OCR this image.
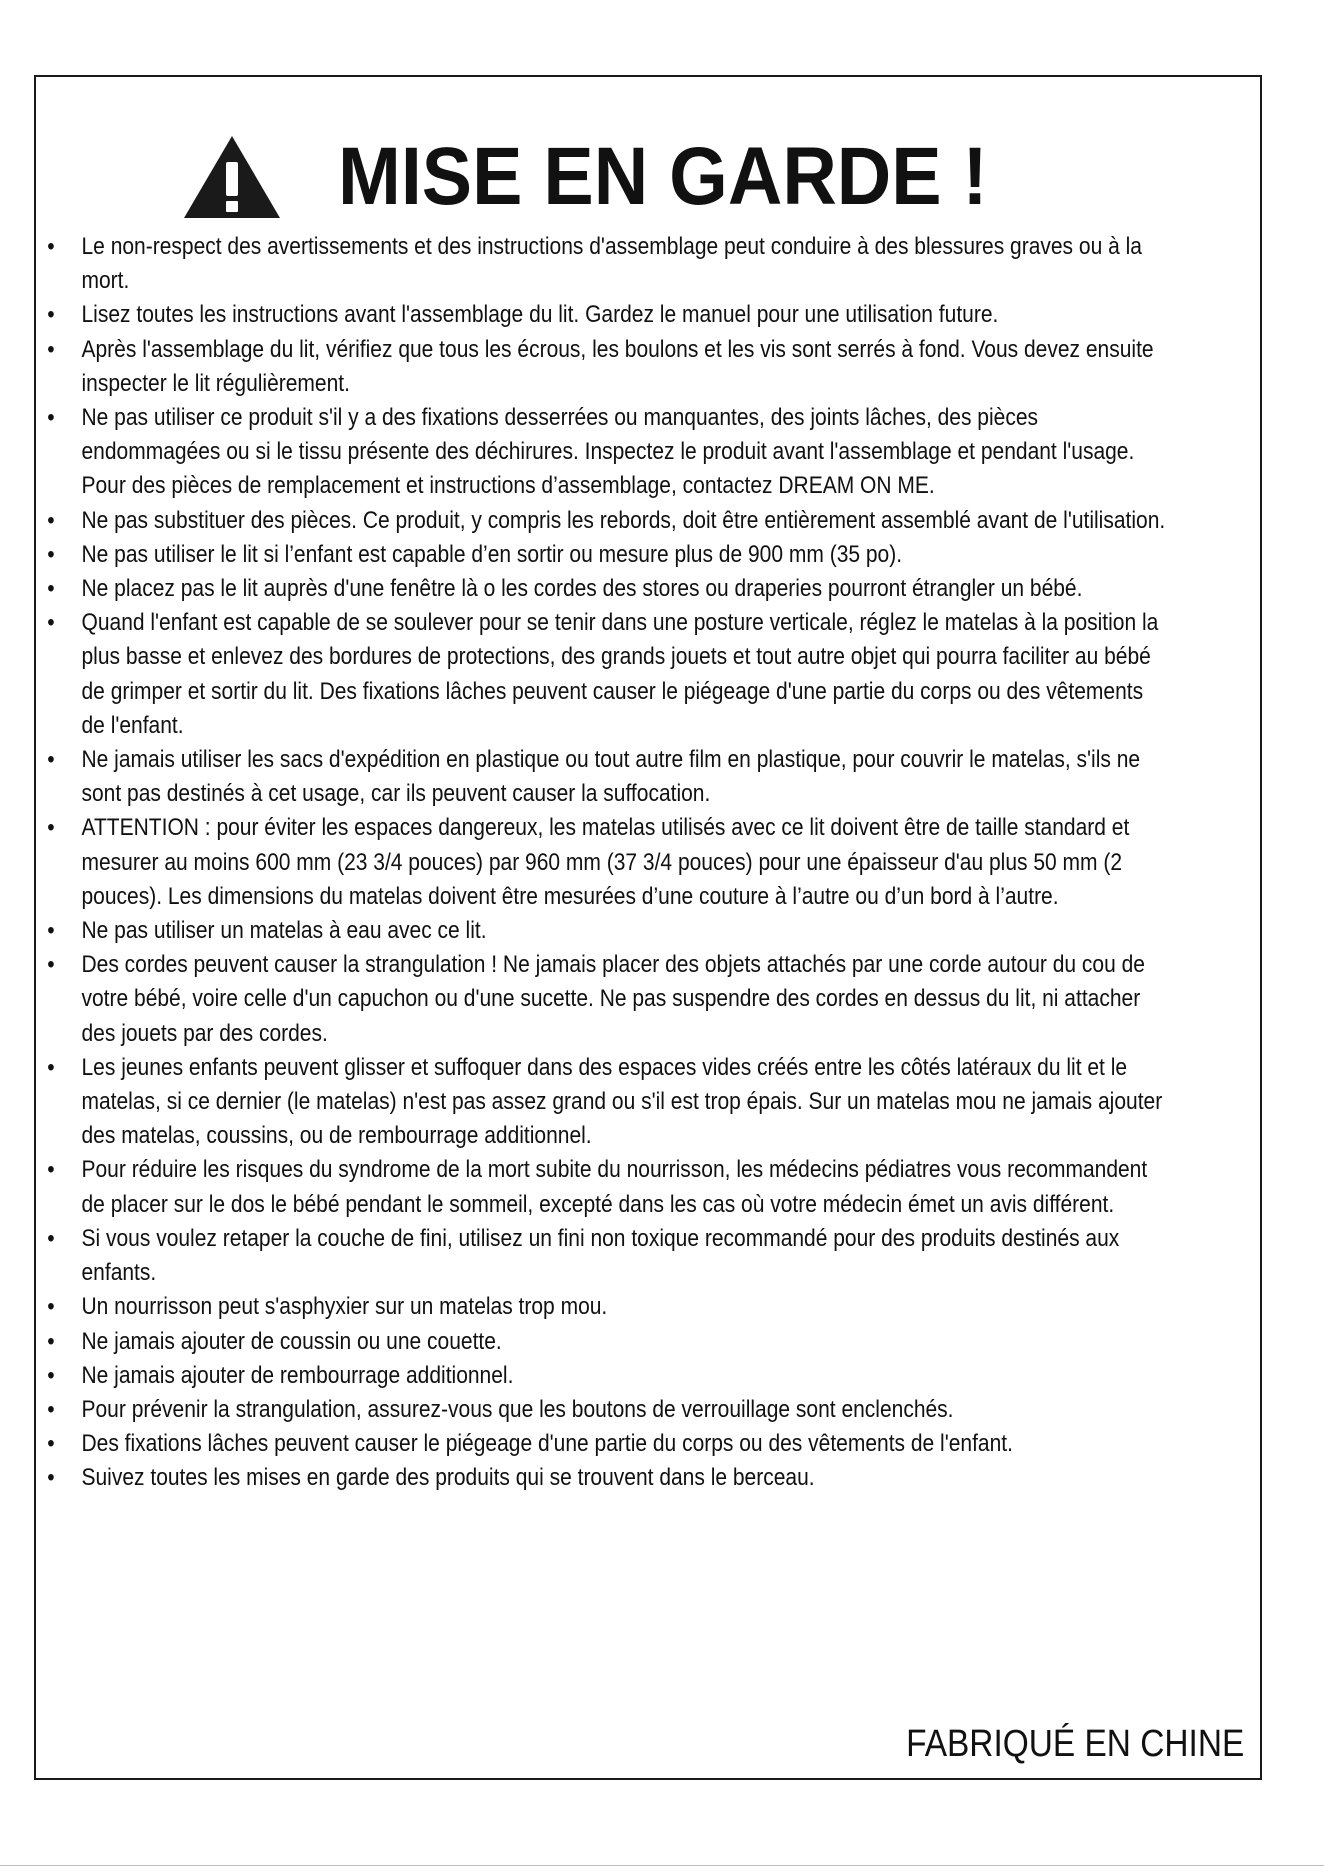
MISE EN GARDE !
• Le non-respect des avertissements et des instructions d'assemblage peut conduire à des blessures graves ou à la mort.
• Lisez toutes les instructions avant l'assemblage du lit. Gardez le manuel pour une utilisation future.
• Après l'assemblage du lit, vérifiez que tous les écrous, les boulons et les vis sont serrés à fond. Vous devez ensuite inspecter le lit régulièrement.
• Ne pas utiliser ce produit s'il y a des fixations desserrées ou manquantes, des joints lâches, des pièces endommagées ou si le tissu présente des déchirures. Inspectez le produit avant l'assemblage et pendant l'usage. Pour des pièces de remplacement et instructions d’assemblage, contactez DREAM ON ME.
• Ne pas substituer des pièces. Ce produit, y compris les rebords, doit être entièrement assemblé avant de l'utilisation.
• Ne pas utiliser le lit si l’enfant est capable d’en sortir ou mesure plus de 900 mm (35 po).
• Ne placez pas le lit auprès d'une fenêtre là o les cordes des stores ou draperies pourront étrangler un bébé.
• Quand l'enfant est capable de se soulever pour se tenir dans une posture verticale, réglez le matelas à la position la plus basse et enlevez des bordures de protections, des grands jouets et tout autre objet qui pourra faciliter au bébé de grimper et sortir du lit. Des fixations lâches peuvent causer le piégeage d'une partie du corps ou des vêtements de l'enfant.
• Ne jamais utiliser les sacs d'expédition en plastique ou tout autre film en plastique, pour couvrir le matelas, s'ils ne sont pas destinés à cet usage, car ils peuvent causer la suffocation.
• ATTENTION : pour éviter les espaces dangereux, les matelas utilisés avec ce lit doivent être de taille standard et mesurer au moins 600 mm (23 3/4 pouces) par 960 mm (37 3/4 pouces) pour une épaisseur d'au plus 50 mm (2 pouces). Les dimensions du matelas doivent être mesurées d’une couture à l’autre ou d’un bord à l’autre.
• Ne pas utiliser un matelas à eau avec ce lit.
• Des cordes peuvent causer la strangulation ! Ne jamais placer des objets attachés par une corde autour du cou de votre bébé, voire celle d'un capuchon ou d'une sucette. Ne pas suspendre des cordes en dessus du lit, ni attacher des jouets par des cordes.
• Les jeunes enfants peuvent glisser et suffoquer dans des espaces vides créés entre les côtés latéraux du lit et le matelas, si ce dernier (le matelas) n'est pas assez grand ou s'il est trop épais. Sur un matelas mou ne jamais ajouter des matelas, coussins, ou de rembourrage additionnel.
• Pour réduire les risques du syndrome de la mort subite du nourrisson, les médecins pédiatres vous recommandent de placer sur le dos le bébé pendant le sommeil, excepté dans les cas où votre médecin émet un avis différent.
• Si vous voulez retaper la couche de fini, utilisez un fini non toxique recommandé pour des produits destinés aux enfants.
• Un nourrisson peut s'asphyxier sur un matelas trop mou.
• Ne jamais ajouter de coussin ou une couette.
• Ne jamais ajouter de rembourrage additionnel.
• Pour prévenir la strangulation, assurez-vous que les boutons de verrouillage sont enclenchés.
• Des fixations lâches peuvent causer le piégeage d'une partie du corps ou des vêtements de l'enfant.
• Suivez toutes les mises en garde des produits qui se trouvent dans le berceau.
FABRIQUÉ EN CHINE
